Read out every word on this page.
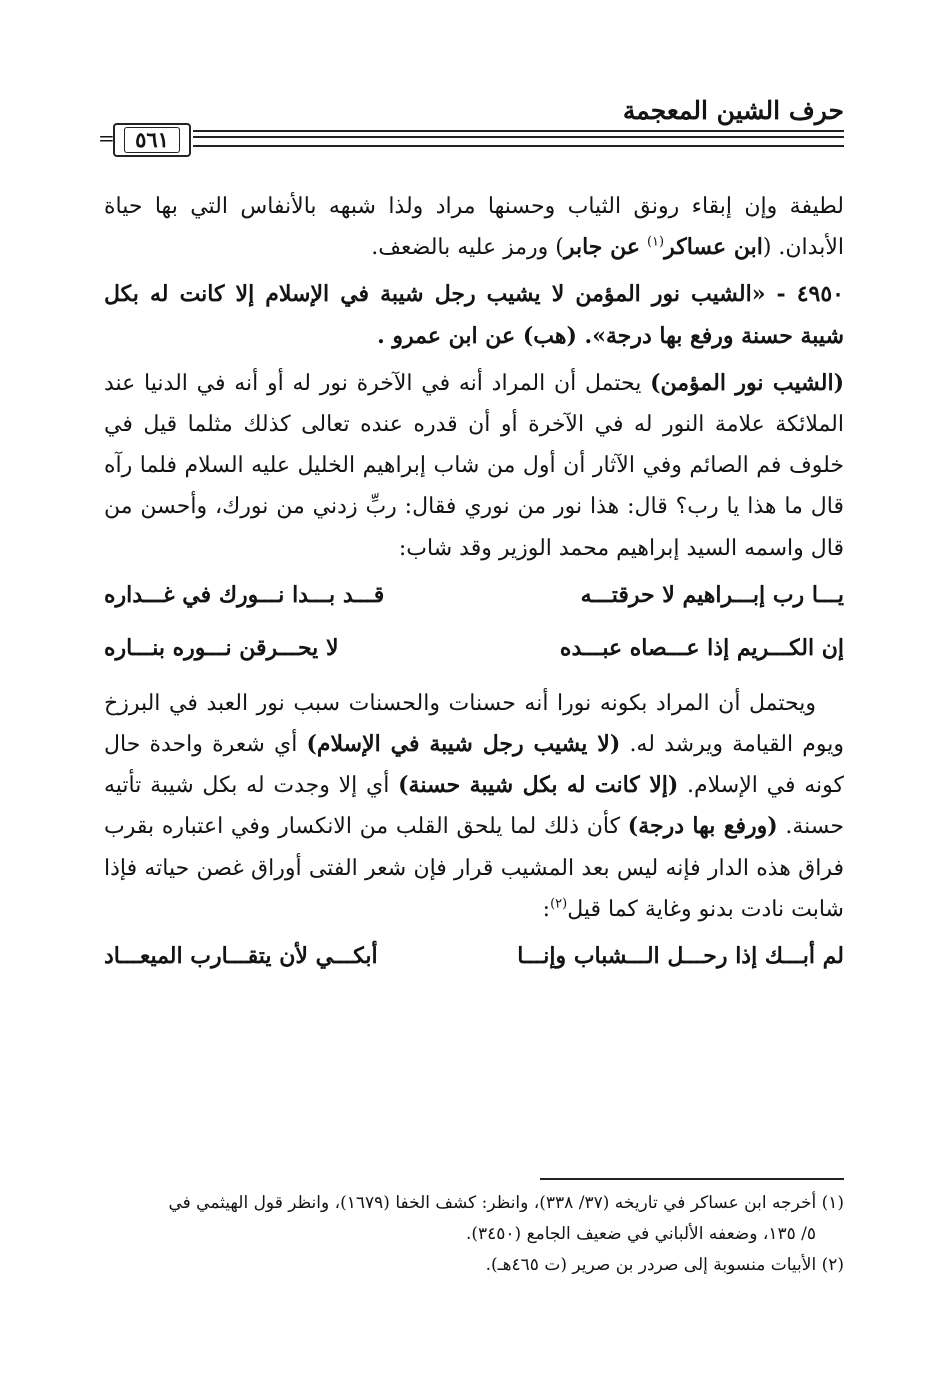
حرف الشين المعجمة
٥٦١
=

لطيفة وإن إبقاء رونق الثياب وحسنها مراد ولذا شبهه بالأنفاس التي بها حياة الأبدان. (ابن عساكر$^{(١)}$ عن جابر) ورمز عليه بالضعف.

٤٩٥٠ - «الشيب نور المؤمن لا يشيب رجل شيبة في الإسلام إلا كانت له بكل شيبة حسنة ورفع بها درجة». (هب) عن ابن عمرو .

(الشيب نور المؤمن) يحتمل أن المراد أنه في الآخرة نور له أو أنه في الدنيا عند الملائكة علامة النور له في الآخرة أو أن قدره عنده تعالى كذلك مثلما قيل في خلوف فم الصائم وفي الآثار أن أول من شاب إبراهيم الخليل عليه السلام فلما رآه قال ما هذا يا رب؟ قال: هذا نور من نوري فقال: ربِّ زدني من نورك، وأحسن من قال واسمه السيد إبراهيم محمد الوزير وقد شاب:

يـــا رب إبـــراهيم لا حرقتـــه
قـــد بـــدا نـــورك في غـــداره
إن الكـــريم إذا عـــصاه عبـــده
لا يحـــرقن نـــوره بنـــاره

ويحتمل أن المراد بكونه نورا أنه حسنات والحسنات سبب نور العبد في البرزخ ويوم القيامة ويرشد له. (لا يشيب رجل شيبة في الإسلام) أي شعرة واحدة حال كونه في الإسلام. (إلا كانت له بكل شيبة حسنة) أي إلا وجدت له بكل شيبة تأتيه حسنة. (ورفع بها درجة) كأن ذلك لما يلحق القلب من الانكسار وفي اعتباره بقرب فراق هذه الدار فإنه ليس بعد المشيب قرار فإن شعر الفتى أوراق غصن حياته فإذا شابت نادت بدنو وغاية كما قيل$^{(٢)}$:

لم أبـــك إذا رحـــل الـــشباب وإنـــا
أبكـــي لأن يتقـــارب الميعـــاد

(١) أخرجه ابن عساكر في تاريخه (٣٧/ ٣٣٨)، وانظر: كشف الخفا (١٦٧٩)، وانظر قول الهيثمي في

٥/ ١٣٥، وضعفه الألباني في ضعيف الجامع (٣٤٥٠).

(٢) الأبيات منسوبة إلى صردر بن صرير (ت ٤٦٥هـ).
